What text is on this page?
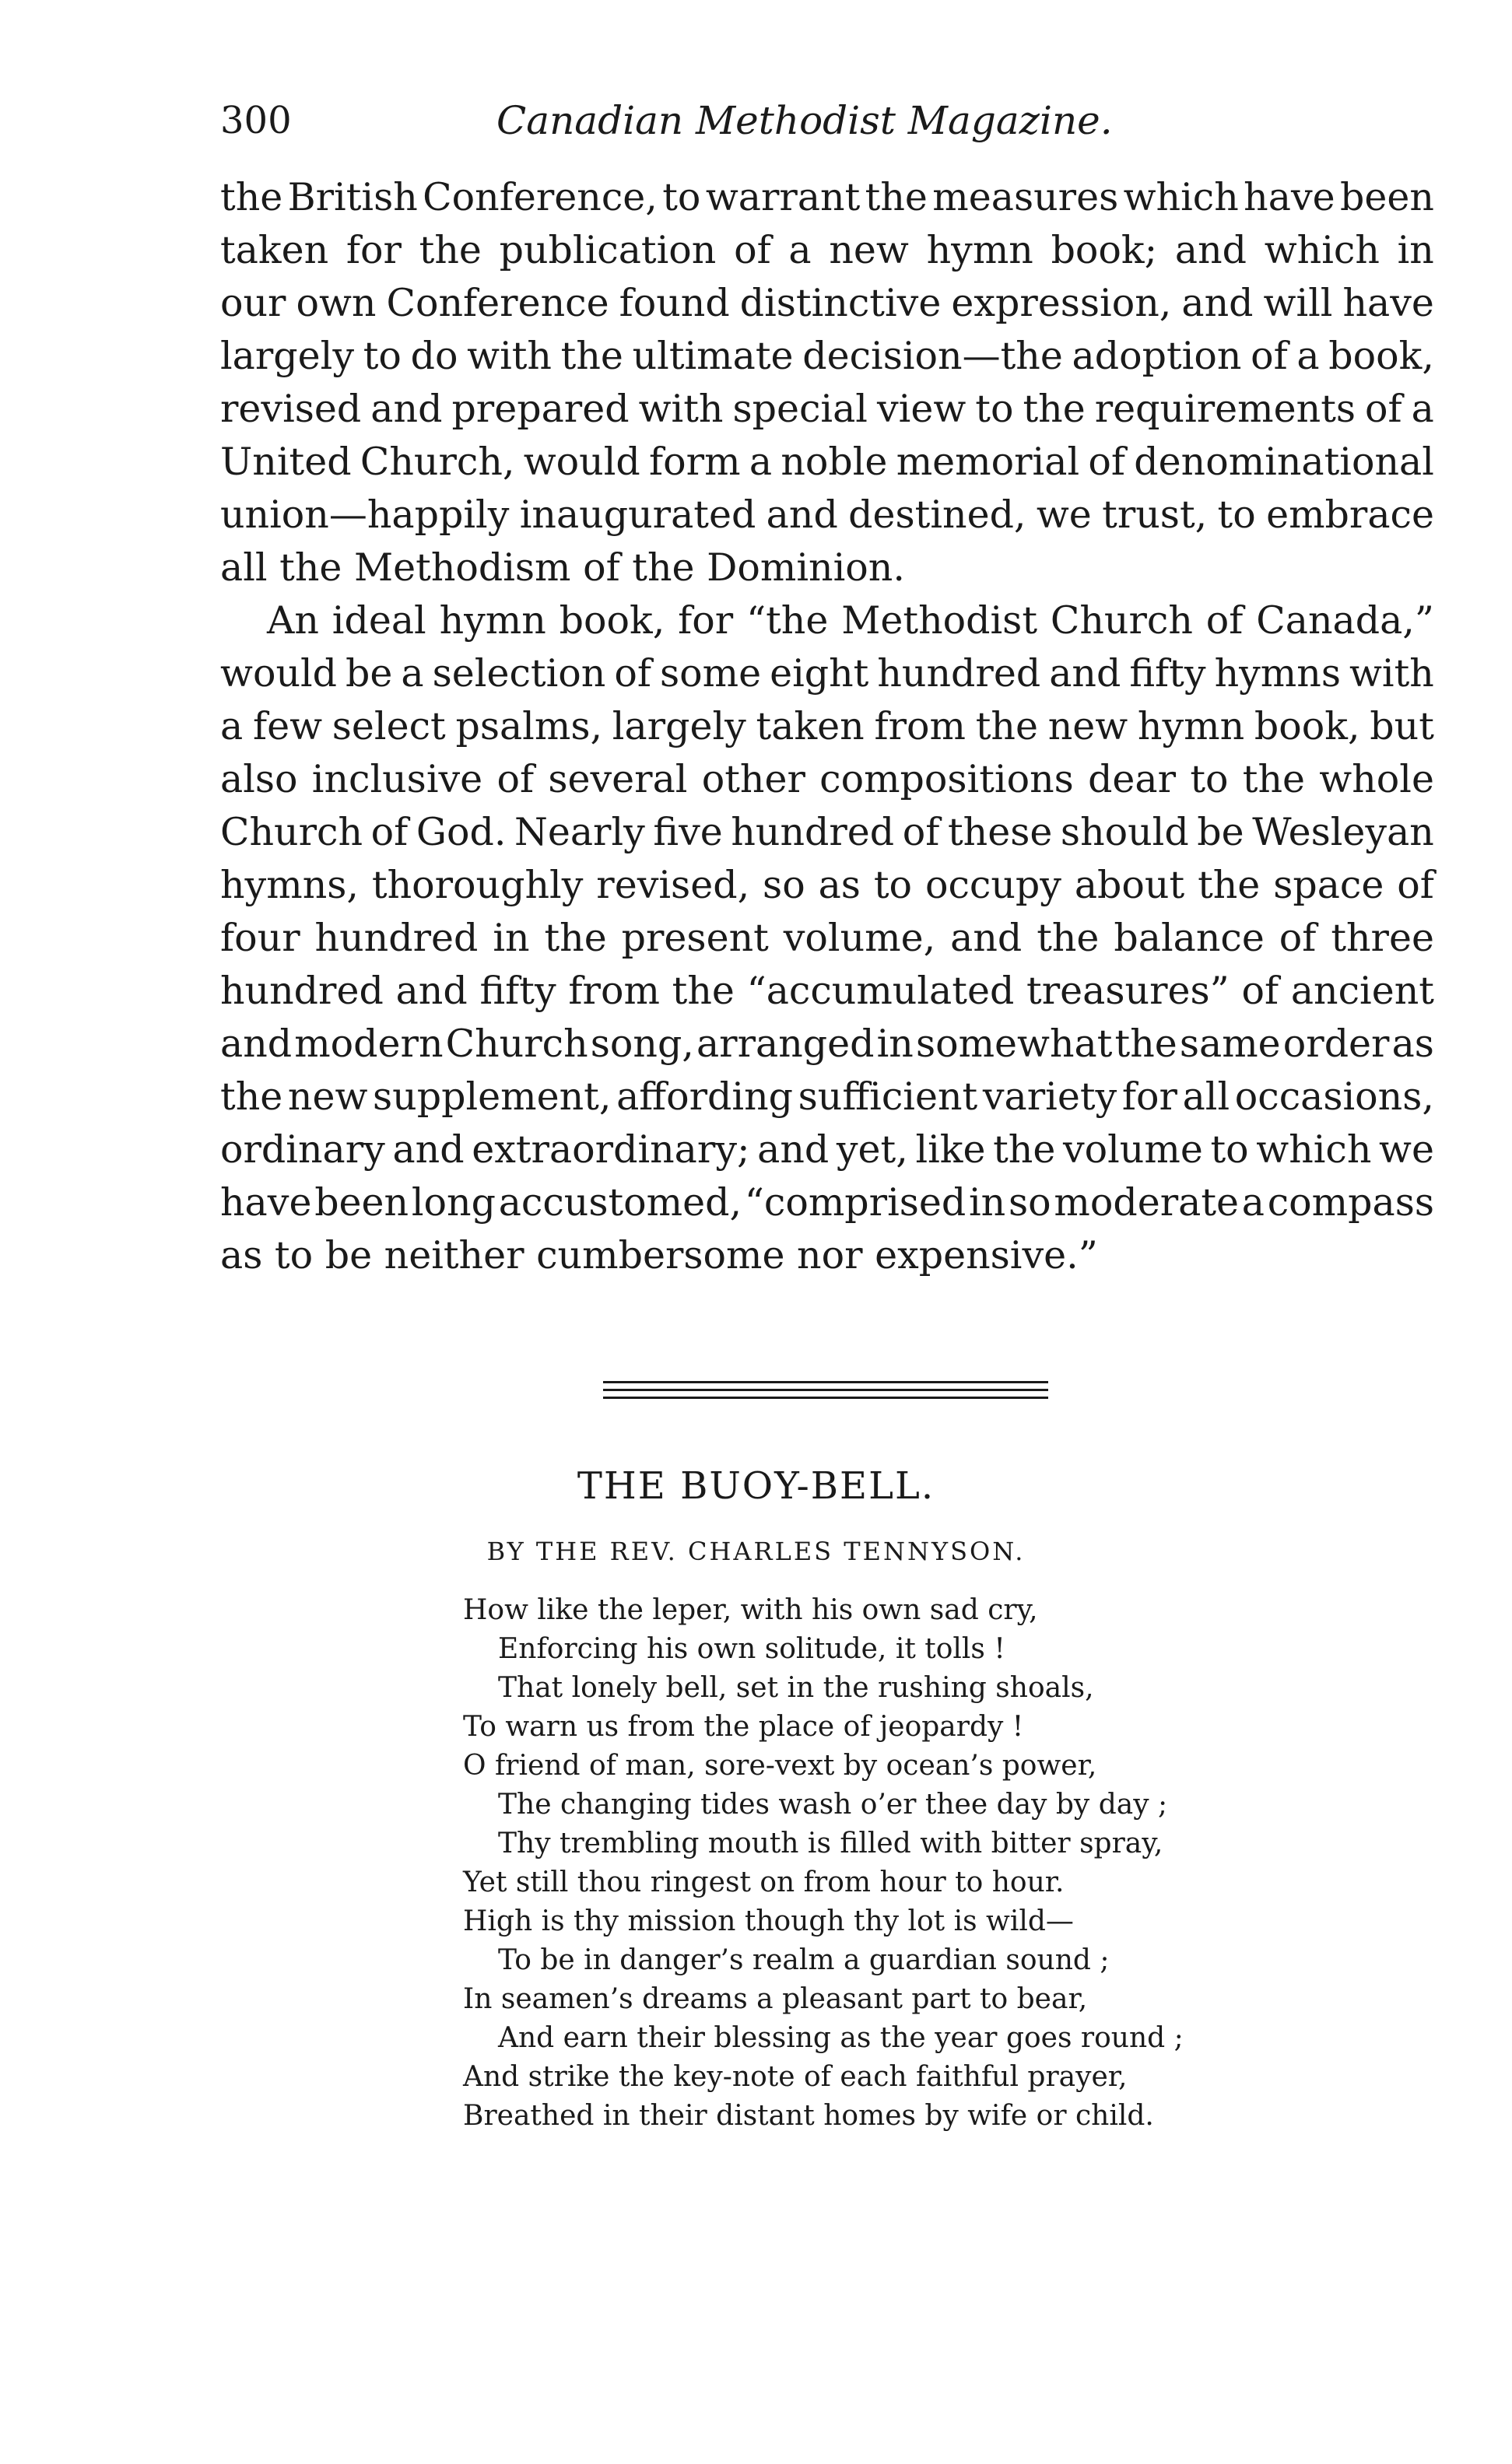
300	Canadian Methodist Magazine.
the British Conference, to warrant the measures which have been
taken for the publication of a new hymn book; and which in
our own Conference found distinctive expression, and will have
largely to do with the ultimate decision—the adoption of a book,
revised and prepared with special view to the requirements of a
United Church, would form a noble memorial of denominational
union—happily inaugurated and destined, we trust, to embrace
all the Methodism of the Dominion.
An ideal hymn book, for “the Methodist Church of Canada,”
would be a selection of some eight hundred and fifty hymns with
a few select psalms, largely taken from the new hymn book, but
also inclusive of several other compositions dear to the whole
Church of God. Nearly five hundred of these should be Wesleyan
hymns, thoroughly revised, so as to occupy about the space of
four hundred in the present volume, and the balance of three
hundred and fifty from the “accumulated treasures” of ancient
and modern Church song, arranged in somewhat the same order as
the new supplement, affording sufficient variety for all occasions,
ordinary and extraordinary; and yet, like the volume to which we
have been long accustomed, “comprised in so moderate a compass
as to be neither cumbersome nor expensive.”
THE BUOY-BELL.
BY THE REV. CHARLES TENNYSON.
How like the leper, with his own sad cry,
Enforcing his own solitude, it tolls !
That lonely bell, set in the rushing shoals,
To warn us from the place of jeopardy !
O friend of man, sore-vext by ocean’s power,
The changing tides wash o’er thee day by day ;
Thy trembling mouth is filled with bitter spray,
Yet still thou ringest on from hour to hour.
High is thy mission though thy lot is wild—
To be in danger’s realm a guardian sound ;
In seamen’s dreams a pleasant part to bear,
And earn their blessing as the year goes round ;
And strike the key-note of each faithful prayer,
Breathed in their distant homes by wife or child.
